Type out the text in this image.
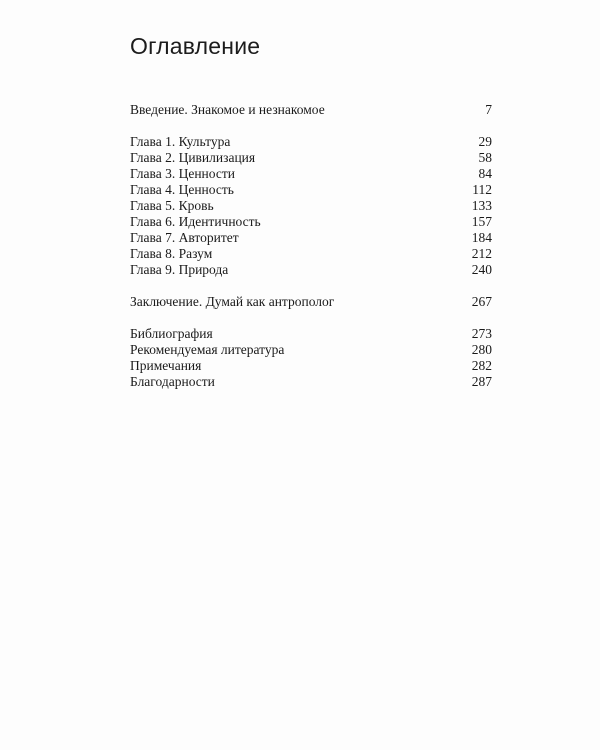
Оглавление
Введение. Знакомое и незнакомое	7
Глава 1. Культура	29
Глава 2. Цивилизация	58
Глава 3. Ценности	84
Глава 4. Ценность	112
Глава 5. Кровь	133
Глава 6. Идентичность	157
Глава 7. Авторитет	184
Глава 8. Разум	212
Глава 9. Природа	240
Заключение. Думай как антрополог	267
Библиография	273
Рекомендуемая литература	280
Примечания	282
Благодарности	287
